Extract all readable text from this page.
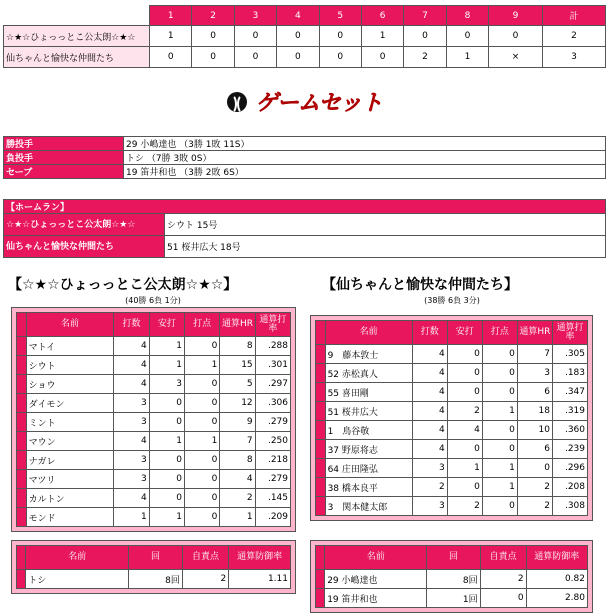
	1	2	3	4	5	6	7	8	9	計
☆★☆ひょっっとこ公太朗☆★☆	1	0	0	0	0	1	0	0	0	2
仙ちゃんと愉快な仲間たち	0	0	0	0	0	0	2	1	×	3
ゲームセット
勝投手	29 小嶋達也 （3勝 1敗 11S）
負投手	トシ （7勝 3敗 0S）
セーブ	19 笛井和也 （3勝 2敗 6S）
【ホームラン】	
☆★☆ひょっっとこ公太朗☆★☆	シウト 15号
仙ちゃんと愉快な仲間たち	51 桜井広大 18号
【☆★☆ひょっっとこ公太朗☆★☆】
(40勝 6負 1分)
【仙ちゃんと愉快な仲間たち】
(38勝 6負 3分)
	名前	打数	安打	打点	通算HR	通算打率
	マトイ	4	1	0	8	.288
	シウト	4	1	1	15	.301
	ショウ	4	3	0	5	.297
	ダイモン	3	0	0	12	.306
	ミント	3	0	0	9	.279
	マウン	4	1	1	7	.250
	ナガレ	3	0	0	8	.218
	マツリ	3	0	0	4	.279
	カルトン	4	0	0	2	.145
	モンド	1	1	0	1	.209
	名前	打数	安打	打点	通算HR	通算打率
	9　藤本敦士	4	0	0	7	.305
	52 赤松真人	4	0	0	3	.183
	55 喜田剛	4	0	0	6	.347
	51 桜井広大	4	2	1	18	.319
	1　鳥谷敬	4	4	0	10	.360
	37 野原将志	4	0	0	6	.239
	64 庄田隆弘	3	1	1	0	.296
	38 橋本良平	2	0	1	2	.208
	3　関本健太郎	3	2	0	2	.308
	名前	回	自責点	通算防御率
	トシ	8回	2	1.11
	名前	回	自責点	通算防御率
	29 小嶋達也	8回	2	0.82
	19 笛井和也	1回	0	2.80
